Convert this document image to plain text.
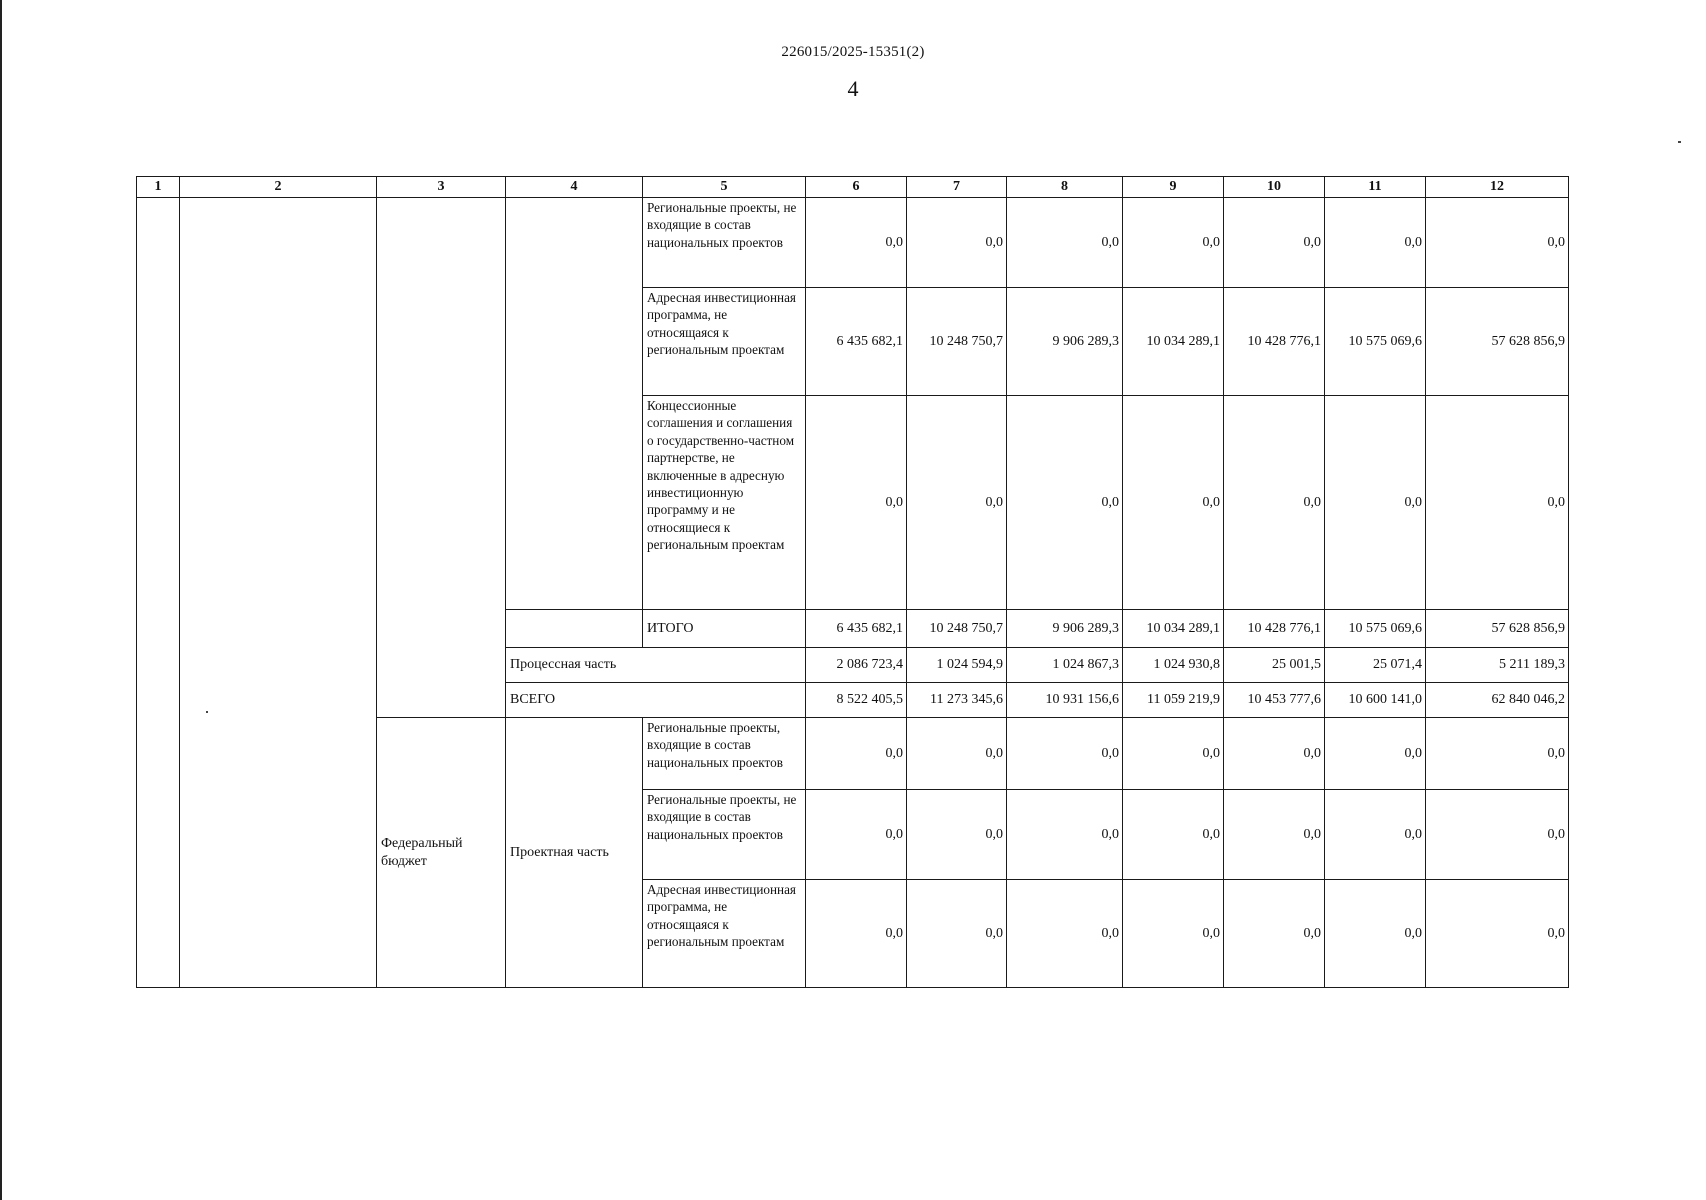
226015/2025-15351(2)
4
1	2	3	4	5	6	7	8	9	10	11	12
				Региональные проекты, не входящие в состав национальных проектов	0,0	0,0	0,0	0,0	0,0	0,0	0,0
				Адресная инвестиционная программа, не относящаяся к региональным проектам	6 435 682,1	10 248 750,7	9 906 289,3	10 034 289,1	10 428 776,1	10 575 069,6	57 628 856,9
				Концессионные соглашения и соглашения о государственно-частном партнерстве, не включенные в адресную инвестиционную программу и не относящиеся к региональным проектам	0,0	0,0	0,0	0,0	0,0	0,0	0,0
				ИТОГО	6 435 682,1	10 248 750,7	9 906 289,3	10 034 289,1	10 428 776,1	10 575 069,6	57 628 856,9
			Процессная часть		2 086 723,4	1 024 594,9	1 024 867,3	1 024 930,8	25 001,5	25 071,4	5 211 189,3
			ВСЕГО		8 522 405,5	11 273 345,6	10 931 156,6	11 059 219,9	10 453 777,6	10 600 141,0	62 840 046,2
		Федеральный бюджет	Проектная часть	Региональные проекты, входящие в состав национальных проектов	0,0	0,0	0,0	0,0	0,0	0,0	0,0
				Региональные проекты, не входящие в состав национальных проектов	0,0	0,0	0,0	0,0	0,0	0,0	0,0
				Адресная инвестиционная программа, не относящаяся к региональным проектам	0,0	0,0	0,0	0,0	0,0	0,0	0,0
